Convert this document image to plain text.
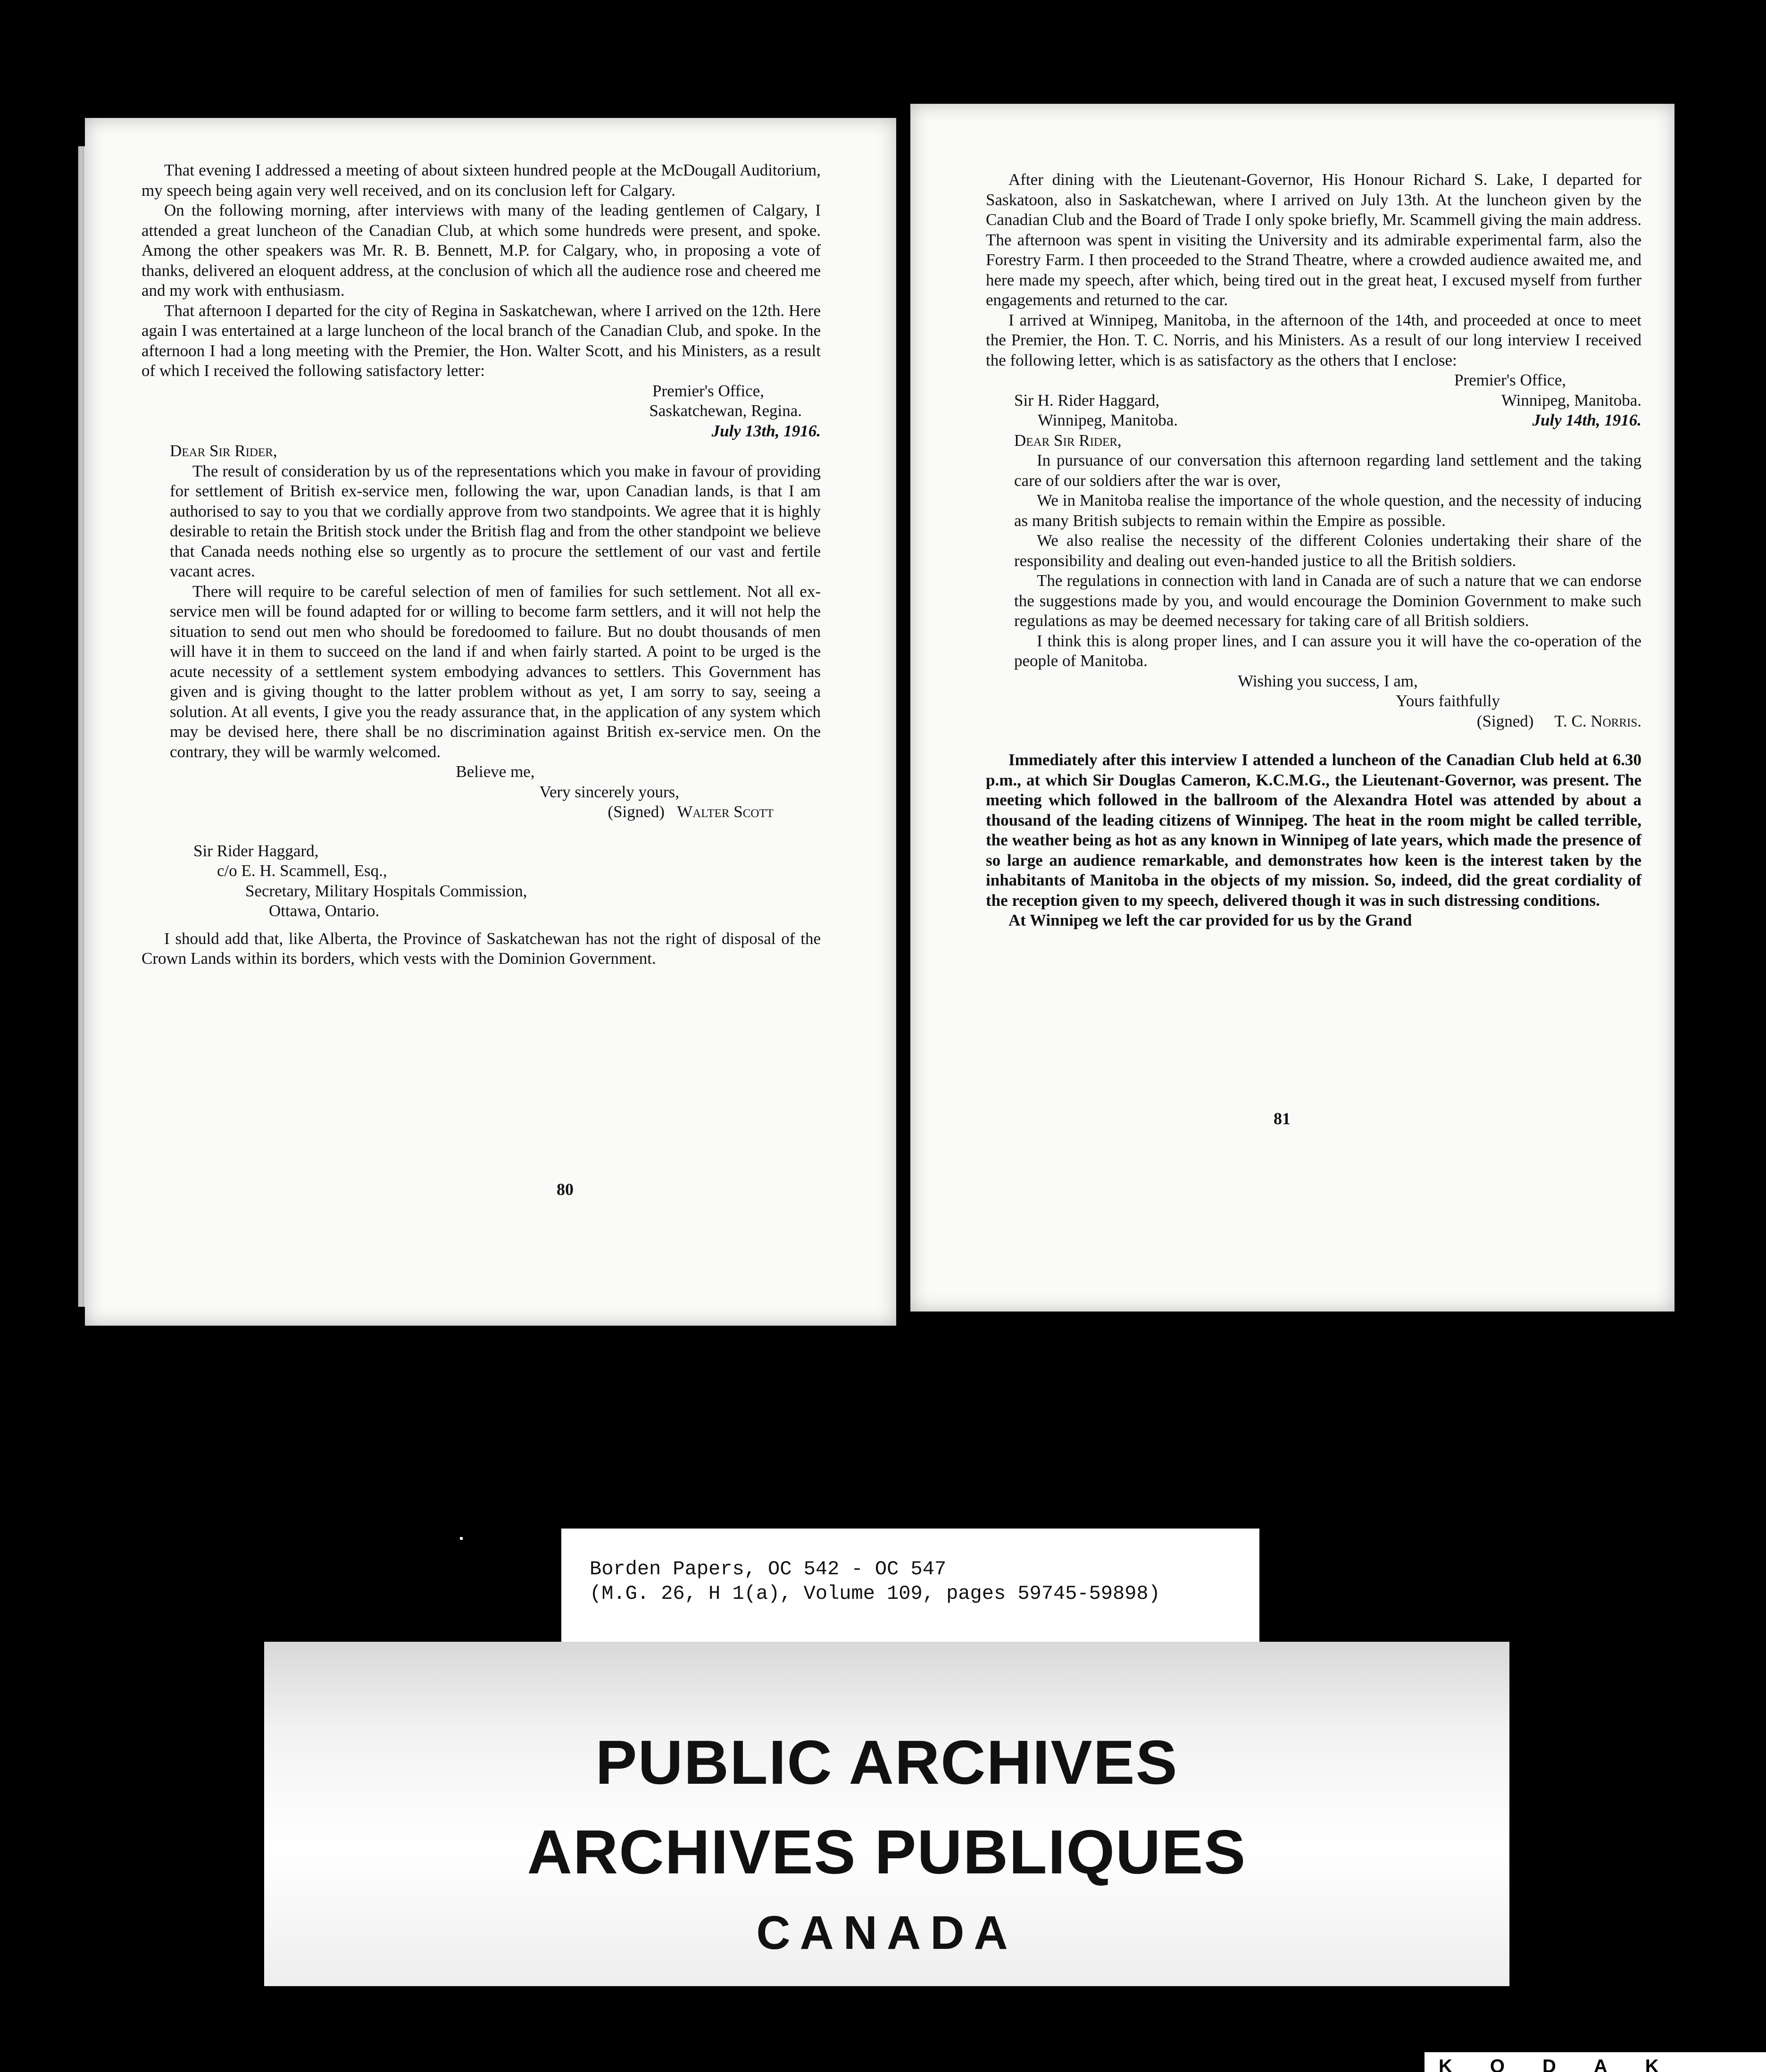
That evening I addressed a meeting of about sixteen hundred people at the McDougall Auditorium, my speech being again very well received, and on its conclusion left for Calgary.

On the following morning, after interviews with many of the leading gentlemen of Calgary, I attended a great luncheon of the Canadian Club, at which some hundreds were present, and spoke. Among the other speakers was Mr. R. B. Bennett, M.P. for Calgary, who, in proposing a vote of thanks, delivered an eloquent address, at the conclusion of which all the audience rose and cheered me and my work with enthusiasm.

That afternoon I departed for the city of Regina in Saskatchewan, where I arrived on the 12th. Here again I was entertained at a large luncheon of the local branch of the Canadian Club, and spoke. In the afternoon I had a long meeting with the Premier, the Hon. Walter Scott, and his Ministers, as a result of which I received the following satisfactory letter:

Premier's Office,

Saskatchewan, Regina.

July 13th, 1916.

Dear Sir Rider,

The result of consideration by us of the representations which you make in favour of providing for settlement of British ex-service men, following the war, upon Canadian lands, is that I am authorised to say to you that we cordially approve from two standpoints. We agree that it is highly desirable to retain the British stock under the British flag and from the other standpoint we believe that Canada needs nothing else so urgently as to procure the settlement of our vast and fertile vacant acres.

There will require to be careful selection of men of families for such settlement. Not all ex-service men will be found adapted for or willing to become farm settlers, and it will not help the situation to send out men who should be foredoomed to failure. But no doubt thousands of men will have it in them to succeed on the land if and when fairly started. A point to be urged is the acute necessity of a settlement system embodying advances to settlers. This Government has given and is giving thought to the latter problem without as yet, I am sorry to say, seeing a solution. At all events, I give you the ready assurance that, in the application of any system which may be devised here, there shall be no discrimination against British ex-service men. On the contrary, they will be warmly welcomed.

Believe me,

Very sincerely yours,

(Signed) Walter Scott

Sir Rider Haggard,

c/o E. H. Scammell, Esq.,

Secretary, Military Hospitals Commission,

Ottawa, Ontario.

I should add that, like Alberta, the Province of Saskatchewan has not the right of disposal of the Crown Lands within its borders, which vests with the Dominion Government.

80

After dining with the Lieutenant-Governor, His Honour Richard S. Lake, I departed for Saskatoon, also in Saskatchewan, where I arrived on July 13th. At the luncheon given by the Canadian Club and the Board of Trade I only spoke briefly, Mr. Scammell giving the main address. The afternoon was spent in visiting the University and its admirable experimental farm, also the Forestry Farm. I then proceeded to the Strand Theatre, where a crowded audience awaited me, and here made my speech, after which, being tired out in the great heat, I excused myself from further engagements and returned to the car.

I arrived at Winnipeg, Manitoba, in the afternoon of the 14th, and proceeded at once to meet the Premier, the Hon. T. C. Norris, and his Ministers. As a result of our long interview I received the following letter, which is as satisfactory as the others that I enclose:

Premier's Office,

Sir H. Rider Haggard,	Winnipeg, Manitoba.
Winnipeg, Manitoba.	July 14th, 1916.

Dear Sir Rider,

In pursuance of our conversation this afternoon regarding land settlement and the taking care of our soldiers after the war is over,

We in Manitoba realise the importance of the whole question, and the necessity of inducing as many British subjects to remain within the Empire as possible.

We also realise the necessity of the different Colonies undertaking their share of the responsibility and dealing out even-handed justice to all the British soldiers.

The regulations in connection with land in Canada are of such a nature that we can endorse the suggestions made by you, and would encourage the Dominion Government to make such regulations as may be deemed necessary for taking care of all British soldiers.

I think this is along proper lines, and I can assure you it will have the co-operation of the people of Manitoba.

Wishing you success, I am,

Yours faithfully

(Signed) T. C. Norris.

Immediately after this interview I attended a luncheon of the Canadian Club held at 6.30 p.m., at which Sir Douglas Cameron, K.C.M.G., the Lieutenant-Governor, was present. The meeting which followed in the ballroom of the Alexandra Hotel was attended by about a thousand of the leading citizens of Winnipeg. The heat in the room might be called terrible, the weather being as hot as any known in Winnipeg of late years, which made the presence of so large an audience remarkable, and demonstrates how keen is the interest taken by the inhabitants of Manitoba in the objects of my mission. So, indeed, did the great cordiality of the reception given to my speech, delivered though it was in such distressing conditions.

At Winnipeg we left the car provided for us by the Grand

81
Borden Papers, OC 542 - OC 547
(M.G. 26, H 1(a), Volume 109, pages 59745-59898)
PUBLIC ARCHIVES
ARCHIVES PUBLIQUES
CANADA
KODAK
